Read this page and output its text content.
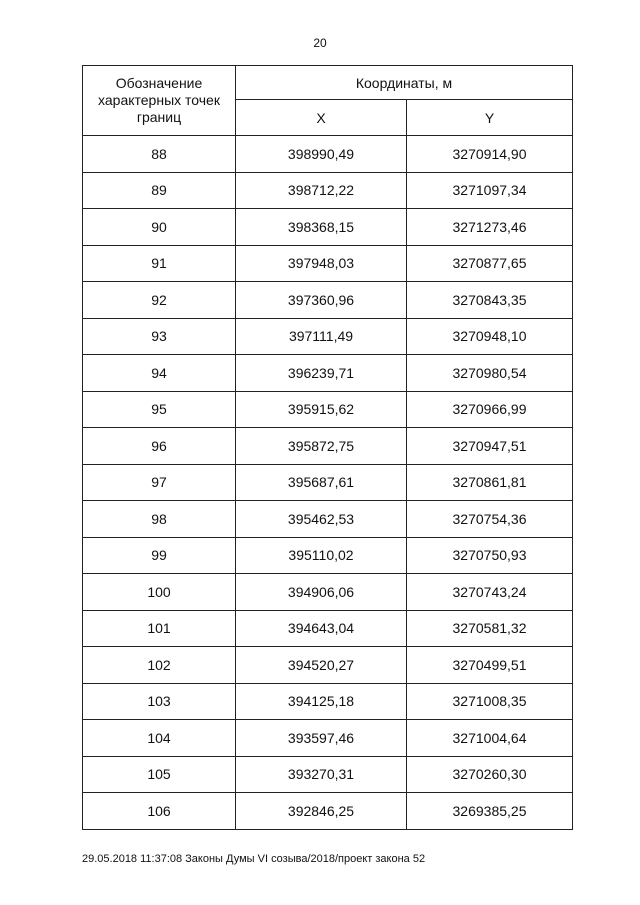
20
Обозначение характерных точек границ	Координаты, м	
	X	Y
88	398990,49	3270914,90
89	398712,22	3271097,34
90	398368,15	3271273,46
91	397948,03	3270877,65
92	397360,96	3270843,35
93	397111,49	3270948,10
94	396239,71	3270980,54
95	395915,62	3270966,99
96	395872,75	3270947,51
97	395687,61	3270861,81
98	395462,53	3270754,36
99	395110,02	3270750,93
100	394906,06	3270743,24
101	394643,04	3270581,32
102	394520,27	3270499,51
103	394125,18	3271008,35
104	393597,46	3271004,64
105	393270,31	3270260,30
106	392846,25	3269385,25
29.05.2018 11:37:08 Законы Думы VI созыва/2018/проект закона 52
